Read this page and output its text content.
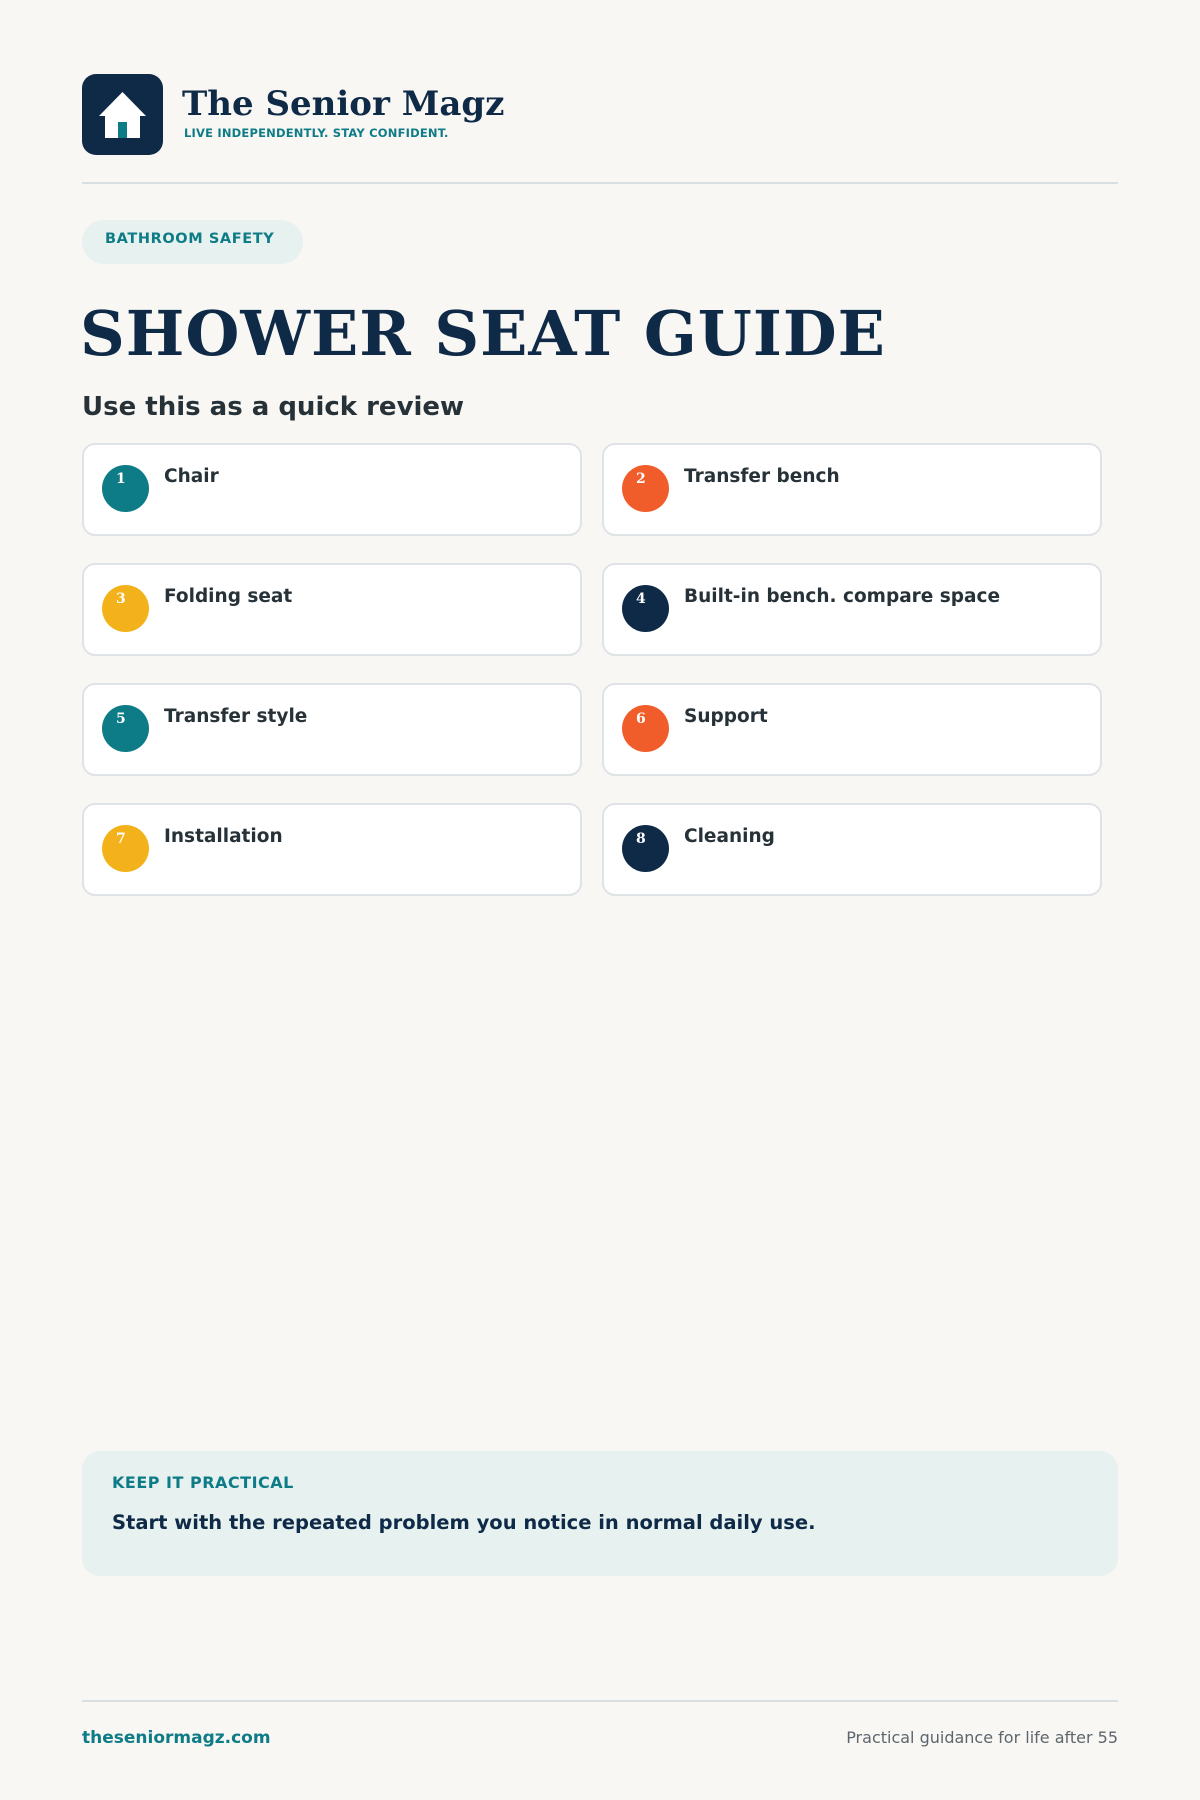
The Senior Magz
LIVE INDEPENDENTLY. STAY CONFIDENT.
BATHROOM SAFETY
SHOWER SEAT GUIDE
Use this as a quick review
1 Chair	2 Transfer bench
3 Folding seat	4 Built-in bench. compare space
5 Transfer style	6 Support
7 Installation	8 Cleaning
KEEP IT PRACTICAL
Start with the repeated problem you notice in normal daily use.
theseniormagz.com	Practical guidance for life after 55
